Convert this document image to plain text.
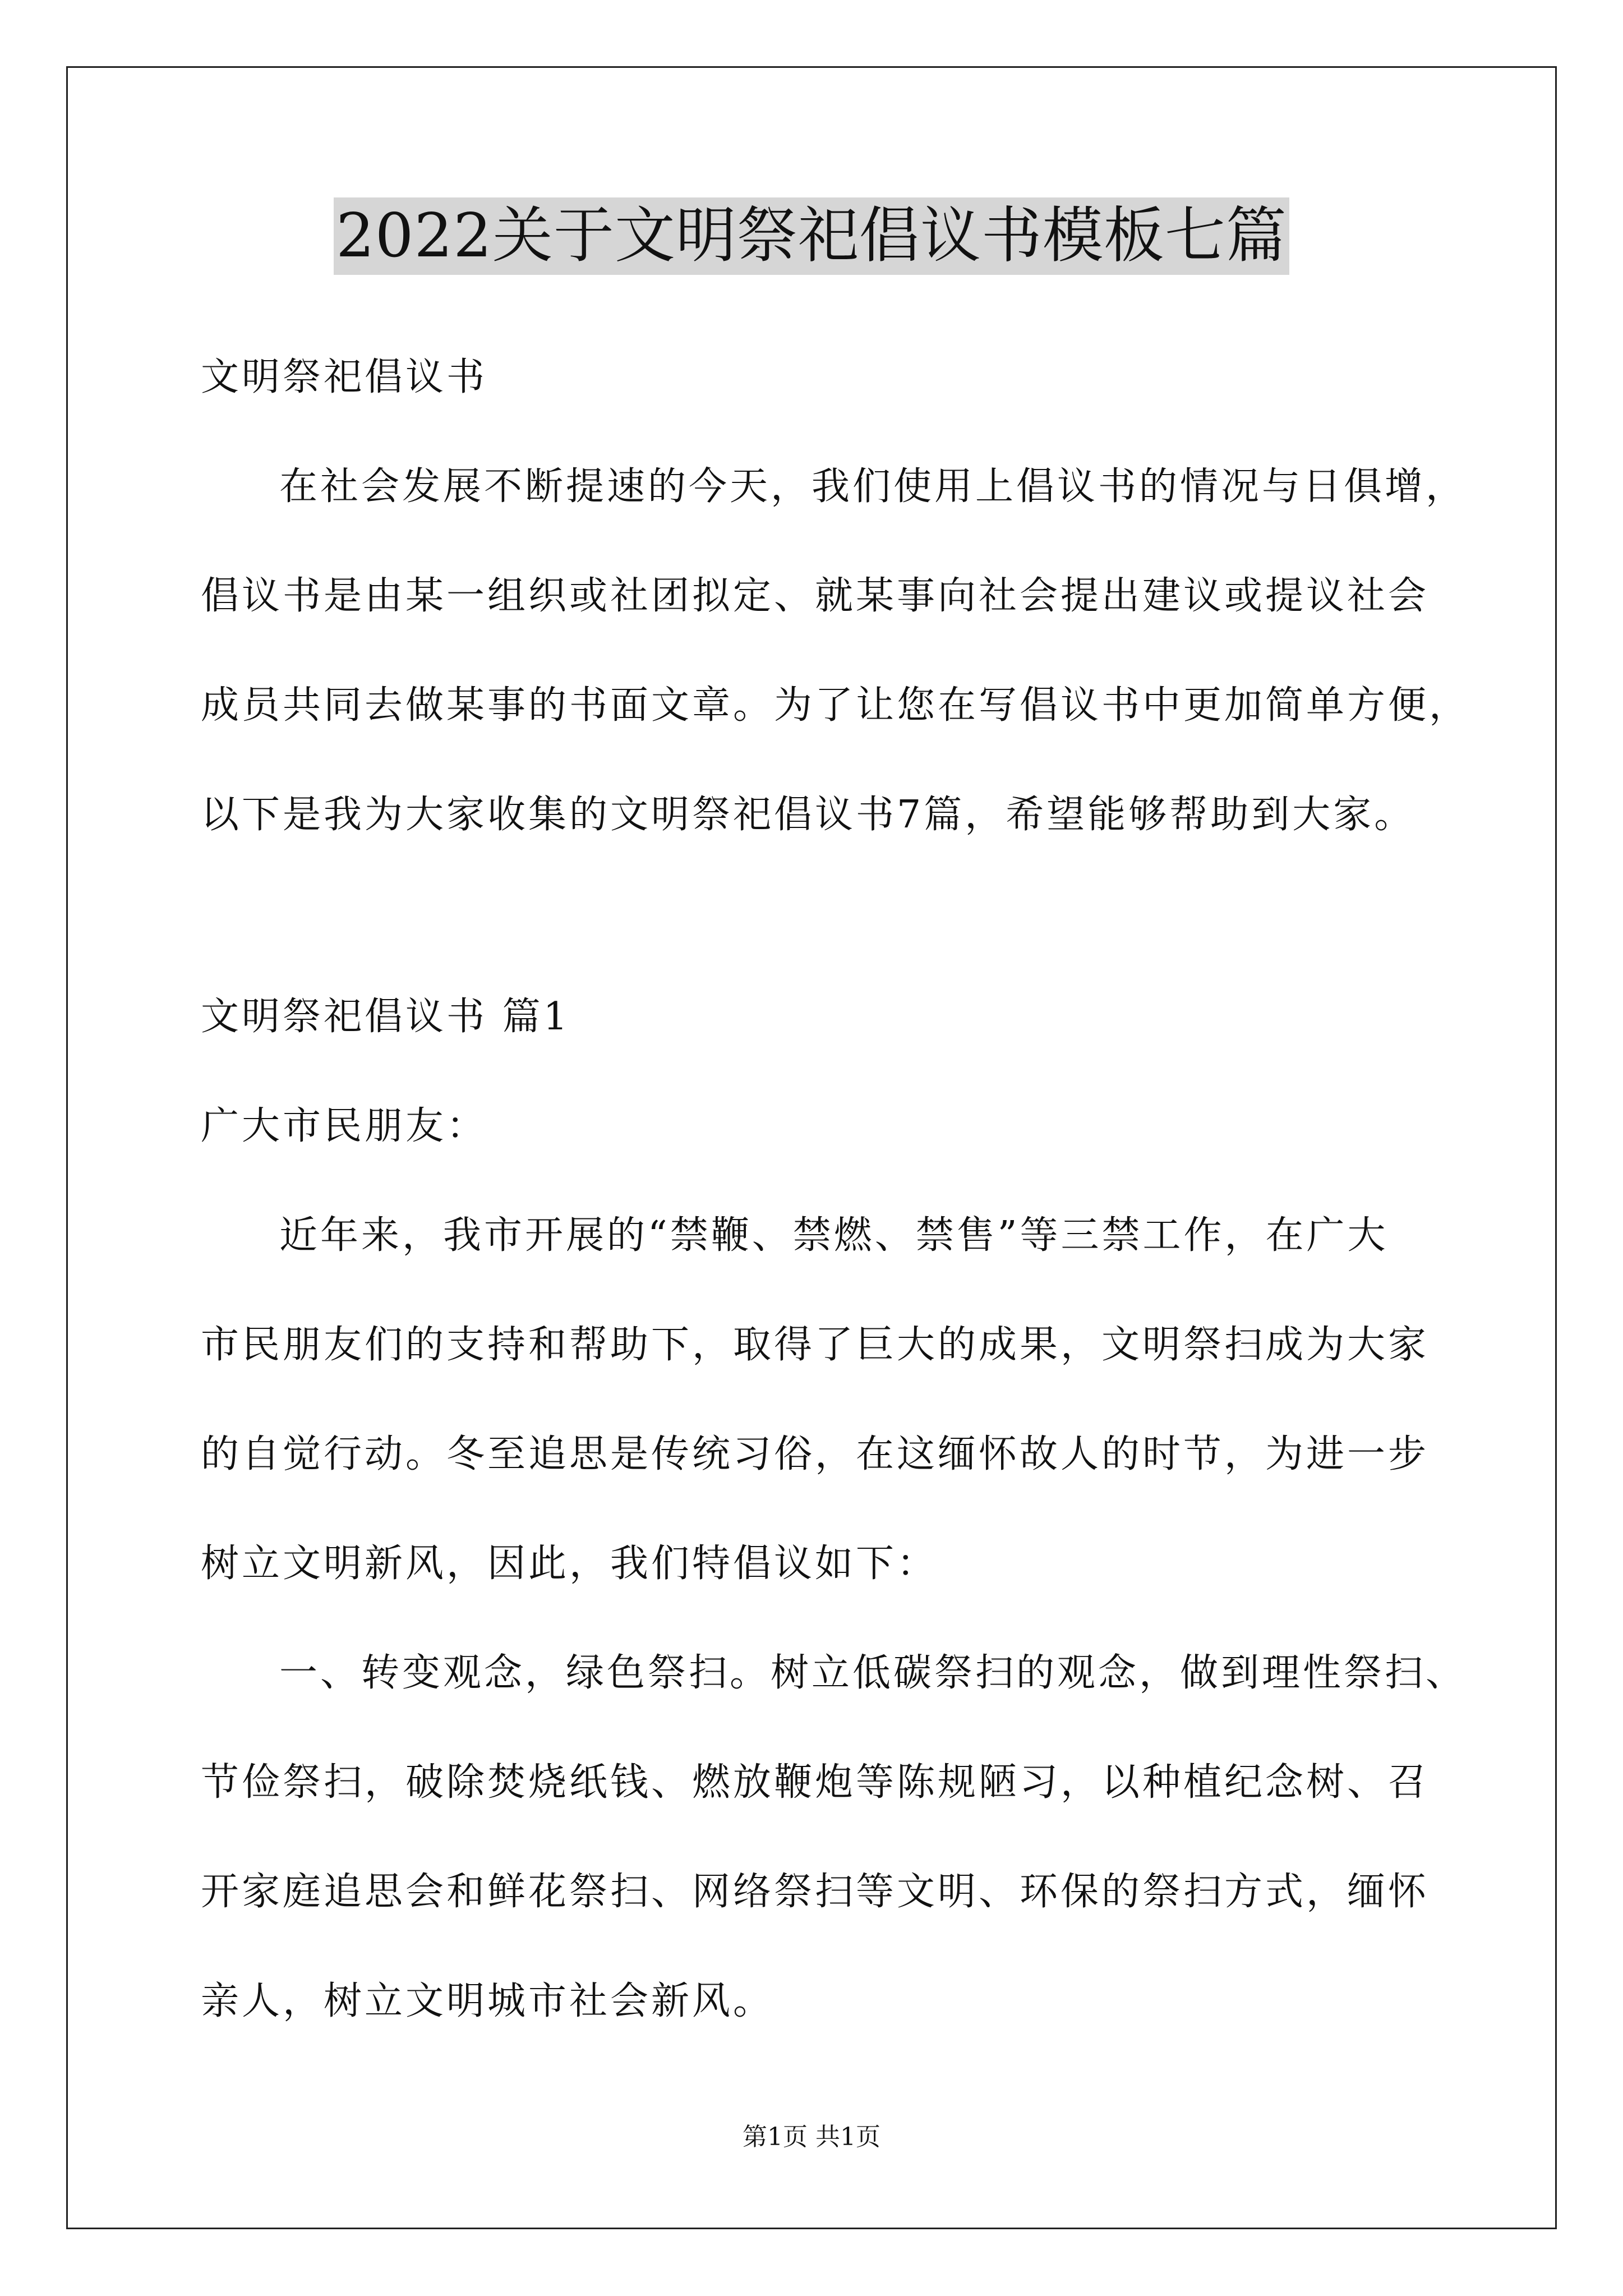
2022关于文明祭祀倡议书模板七篇
文明祭祀倡议书
在社会发展不断提速的今天，我们使用上倡议书的情况与日俱增，
倡议书是由某一组织或社团拟定、就某事向社会提出建议或提议社会
成员共同去做某事的书面文章。为了让您在写倡议书中更加简单方便，
以下是我为大家收集的文明祭祀倡议书7篇，希望能够帮助到大家。
文明祭祀倡议书 篇1
广大市民朋友：
近年来，我市开展的“禁鞭、禁燃、禁售”等三禁工作，在广大
市民朋友们的支持和帮助下，取得了巨大的成果，文明祭扫成为大家
的自觉行动。冬至追思是传统习俗，在这缅怀故人的时节，为进一步
树立文明新风，因此，我们特倡议如下：
一、转变观念，绿色祭扫。树立低碳祭扫的观念，做到理性祭扫、
节俭祭扫，破除焚烧纸钱、燃放鞭炮等陈规陋习，以种植纪念树、召
开家庭追思会和鲜花祭扫、网络祭扫等文明、环保的祭扫方式，缅怀
亲人，树立文明城市社会新风。
第1页 共1页
